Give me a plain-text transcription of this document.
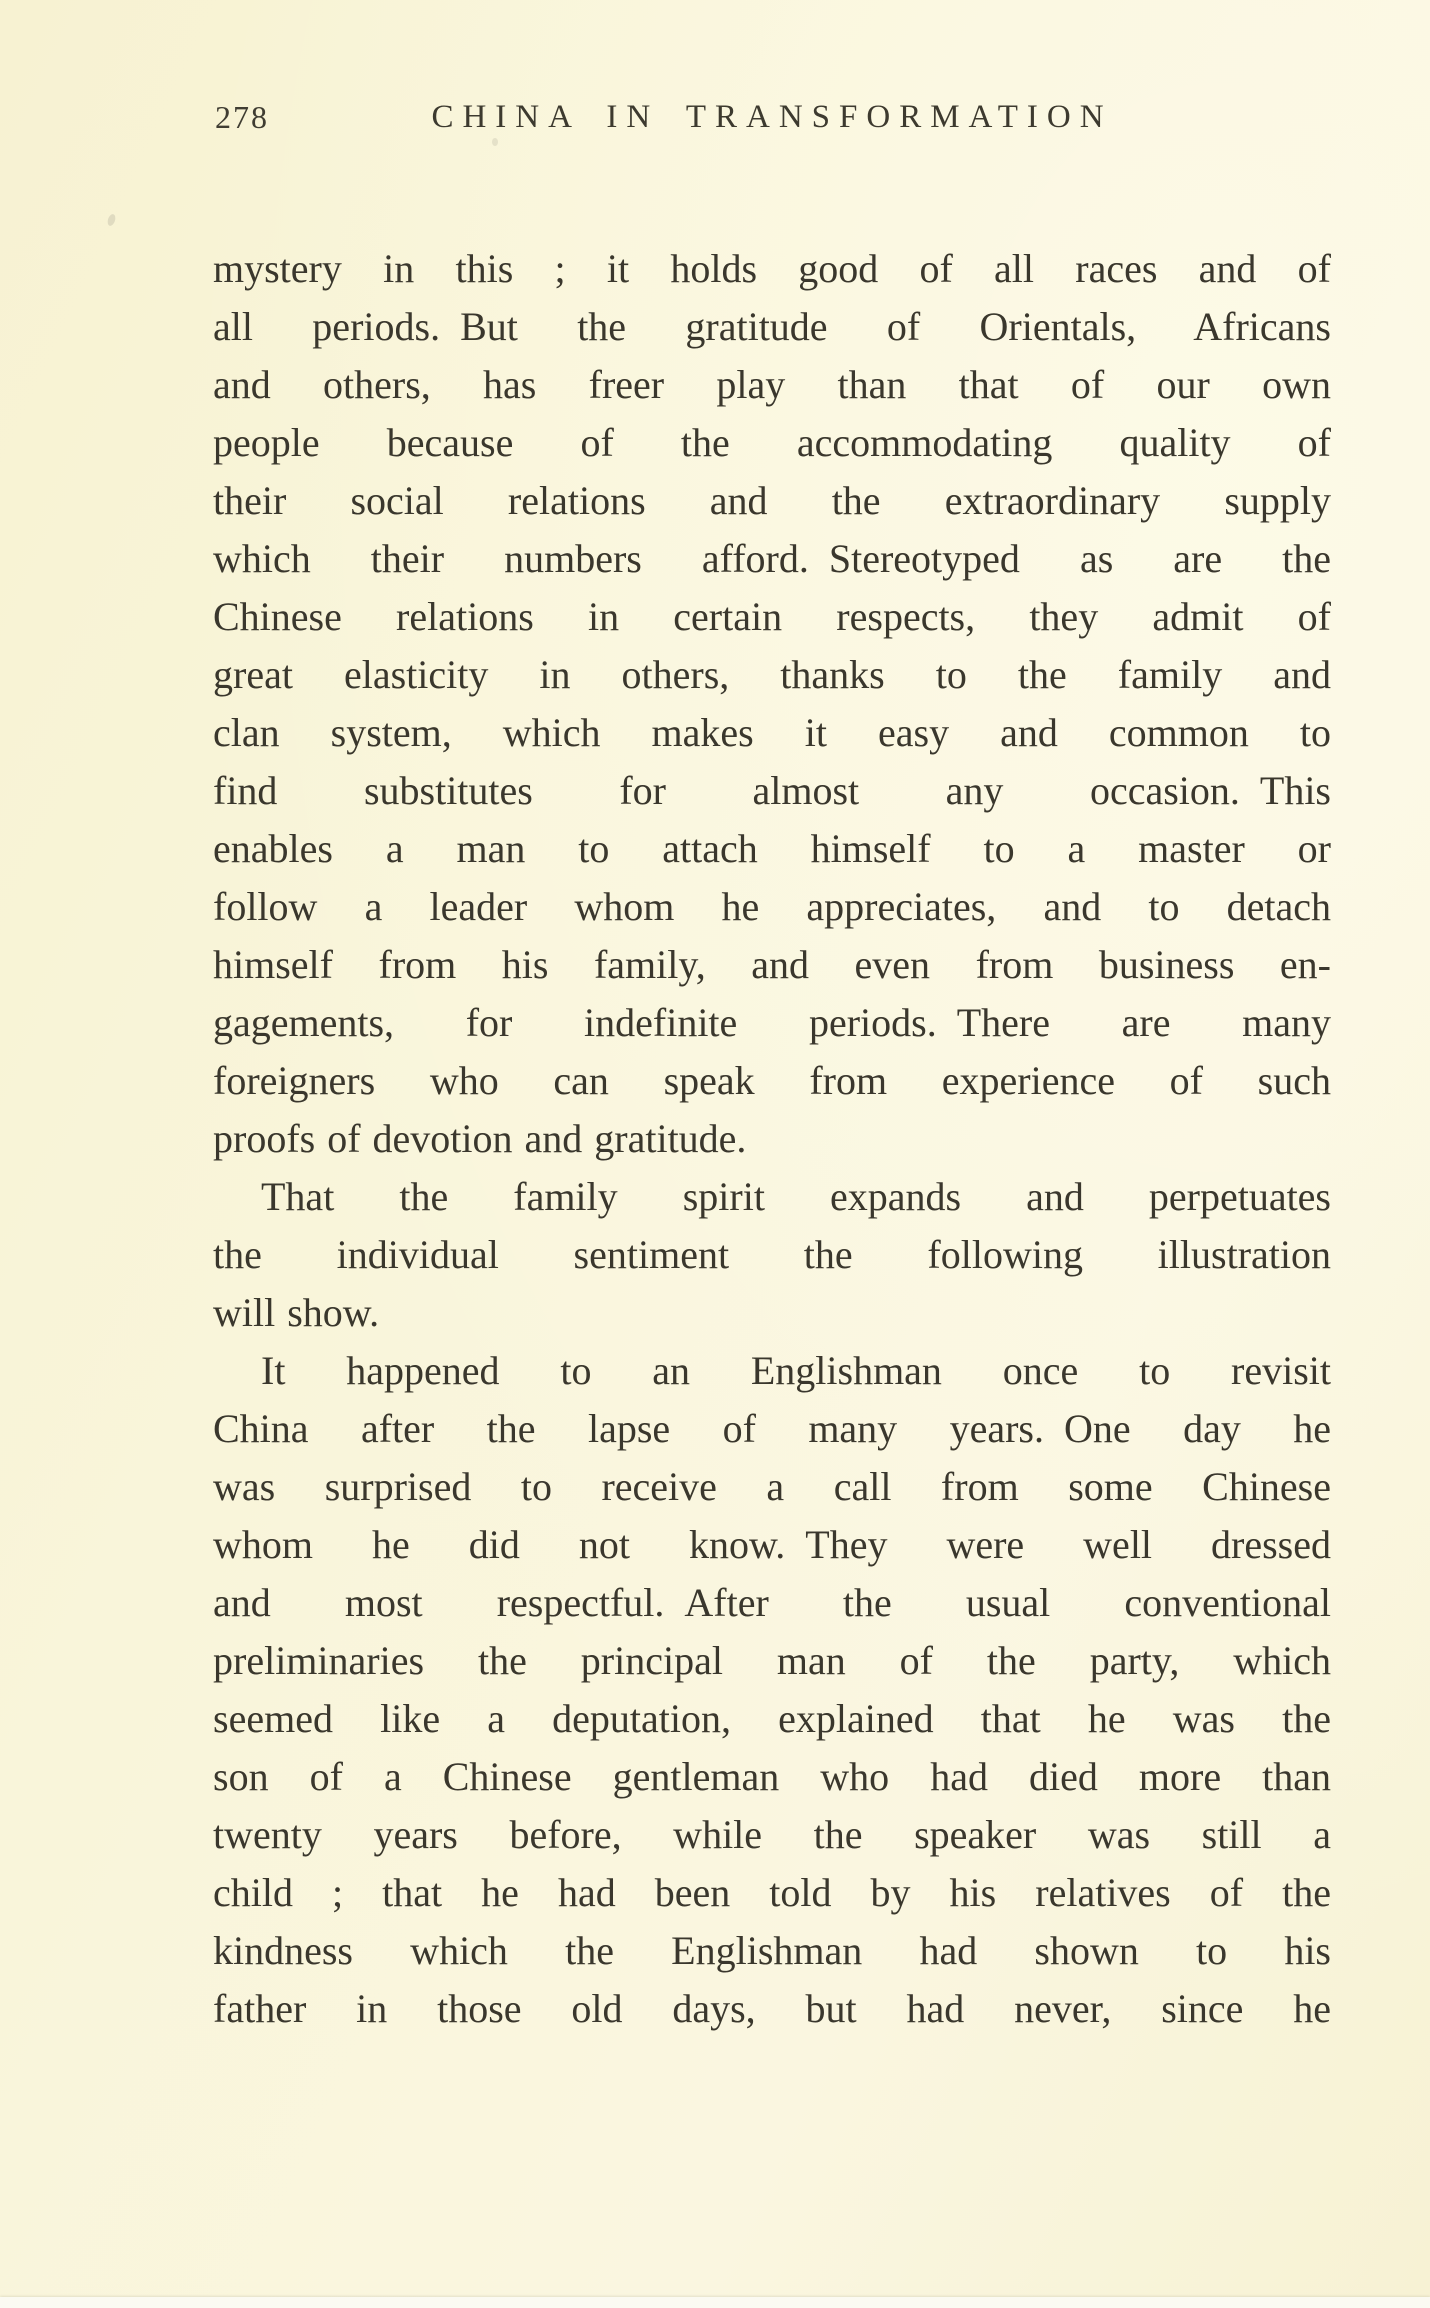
278	CHINA IN TRANSFORMATION
mystery in this ; it holds good of all races and of
all periods. But the gratitude of Orientals, Africans
and others, has freer play than that of our own
people because of the accommodating quality of
their social relations and the extraordinary supply
which their numbers afford. Stereotyped as are the
Chinese relations in certain respects, they admit of
great elasticity in others, thanks to the family and
clan system, which makes it easy and common to
find substitutes for almost any occasion. This
enables a man to attach himself to a master or
follow a leader whom he appreciates, and to detach
himself from his family, and even from business en-
gagements, for indefinite periods. There are many
foreigners who can speak from experience of such
proofs of devotion and gratitude.
That the family spirit expands and perpetuates
the individual sentiment the following illustration
will show.
It happened to an Englishman once to revisit
China after the lapse of many years. One day he
was surprised to receive a call from some Chinese
whom he did not know. They were well dressed
and most respectful. After the usual conventional
preliminaries the principal man of the party, which
seemed like a deputation, explained that he was the
son of a Chinese gentleman who had died more than
twenty years before, while the speaker was still a
child ; that he had been told by his relatives of the
kindness which the Englishman had shown to his
father in those old days, but had never, since he
